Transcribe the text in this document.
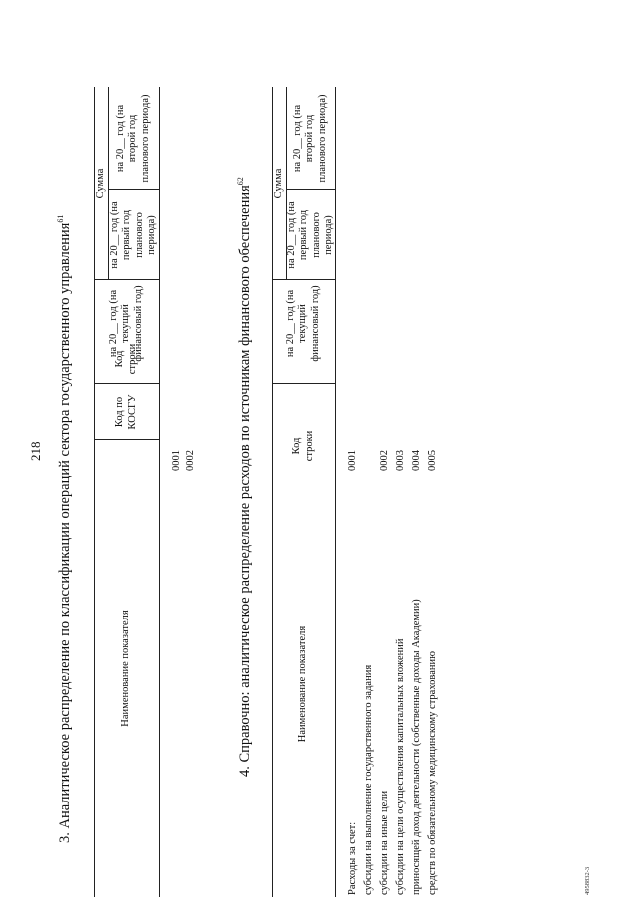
218 3. Аналитическое распределение по классификации операций сектора государственного управления$^{61}$
Наименование показателя
Код по КОСГУ
Код строки
на 20__ год (на текущий финансовый год)
Сумма
на 20__ год (на первый год планового периода)
на 20__ год (на второй год планового периода)
0001 0002	4. Справочно: аналитическое распределение расходов по источникам финансового обеспечения$^{62}$
Наименование показателя
Код строки
на 20__ год (на текущий финансовый год)
Сумма
на 20__ год (на первый год планового периода)
на 20__ год (на второй год планового периода)
Расходы за счет:
0001
субсидии на выполнение государственного задания субсидии на иные цели
0002
субсидии на цели осуществления капитальных вложений
0003
приносящей доход деятельности (собственные доходы Академии)
0004
средств по обязательному медицинскому страхованию
0005
4958832-3
